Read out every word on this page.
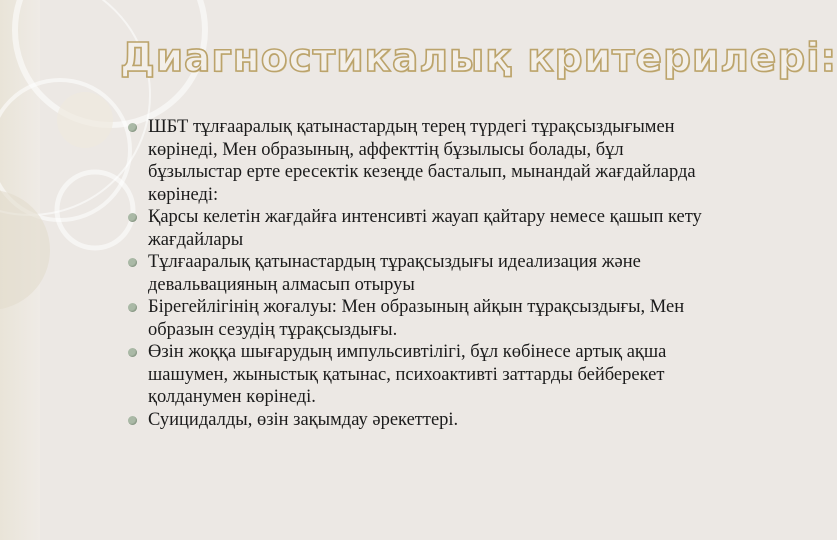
Диагностикалық критерилері:
ШБТ тұлғааралық қатынастардың терең түрдегі тұрақсыздығымен көрінеді, Мен образының, аффекттің бұзылысы болады, бұл бұзылыстар ерте ересектік кезеңде басталып, мынандай жағдайларда көрінеді:
Қарсы келетін жағдайға интенсивті жауап қайтару немесе қашып кету жағдайлары
Тұлғааралық қатынастардың тұрақсыздығы идеализация және девальвацияның алмасып отыруы
Бірегейлігінің жоғалуы: Мен образының айқын тұрақсыздығы, Мен образын сезудің тұрақсыздығы.
Өзін жоққа шығарудың импульсивтілігі, бұл көбінесе артық ақша шашумен, жыныстық қатынас, психоактивті заттарды бейберекет қолданумен көрінеді.
Суицидалды, өзін зақымдау әрекеттері.
